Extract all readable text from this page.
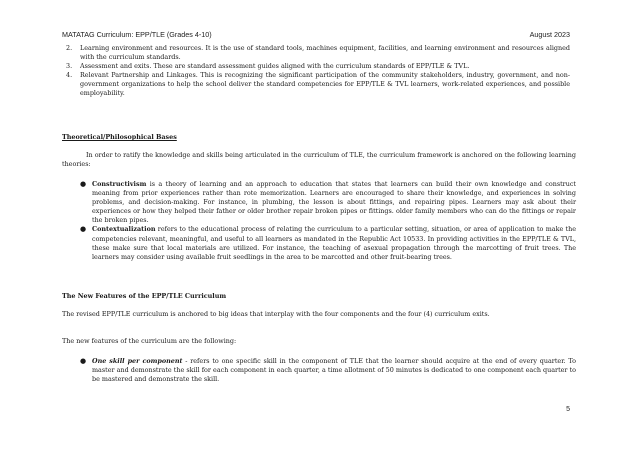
MATATAG Curriculum: EPP/TLE (Grades 4-10)	August 2023
2. Learning environment and resources. It is the use of standard tools, machines equipment, facilities, and learning environment and resources aligned with the curriculum standards.
3. Assessment and exits. These are standard assessment guides aligned with the curriculum standards of EPP/TLE & TVL.
4. Relevant Partnership and Linkages. This is recognizing the significant participation of the community stakeholders, industry, government, and non-government organizations to help the school deliver the standard competencies for EPP/TLE & TVL learners, work-related experiences, and possible employability.
Theoretical/Philosophical Bases
In order to ratify the knowledge and skills being articulated in the curriculum of TLE, the curriculum framework is anchored on the following learning theories:
● Constructivism is a theory of learning and an approach to education that states that learners can build their own knowledge and construct meaning from prior experiences rather than rote memorization. Learners are encouraged to share their knowledge, and experiences in solving problems, and decision-making. For instance, in plumbing, the lesson is about fittings, and repairing pipes. Learners may ask about their experiences or how they helped their father or older brother repair broken pipes or fittings. older family members who can do the fittings or repair the broken pipes.
● Contextualization refers to the educational process of relating the curriculum to a particular setting, situation, or area of application to make the competencies relevant, meaningful, and useful to all learners as mandated in the Republic Act 10533. In providing activities in the EPP/TLE & TVL, these make sure that local materials are utilized. For instance, the teaching of asexual propagation through the marcotting of fruit trees. The learners may consider using available fruit seedlings in the area to be marcotted and other fruit-bearing trees.
The New Features of the EPP/TLE Curriculum
The revised EPP/TLE curriculum is anchored to big ideas that interplay with the four components and the four (4) curriculum exits.
The new features of the curriculum are the following:
● One skill per component - refers to one specific skill in the component of TLE that the learner should acquire at the end of every quarter. To master and demonstrate the skill for each component in each quarter, a time allotment of 50 minutes is dedicated to one component each quarter to be mastered and demonstrate the skill.
5
